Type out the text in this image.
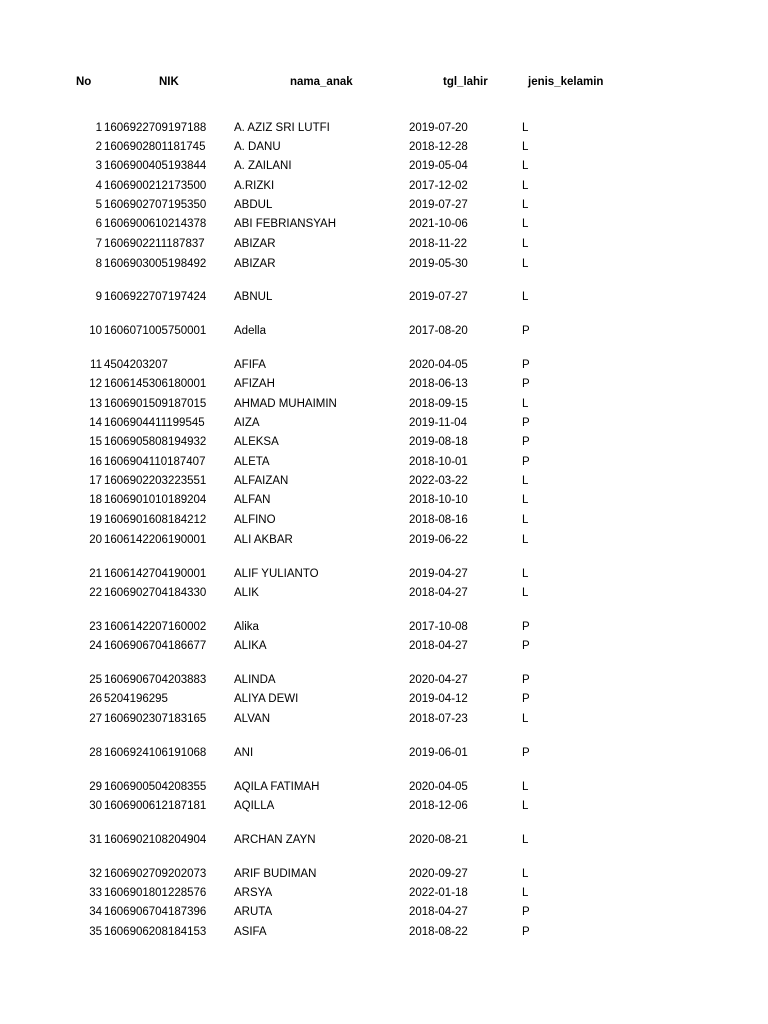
No	NIK	nama_anak	tgl_lahir	jenis_kelamin
1 1606922709197188 A. AZIZ SRI LUTFI	2019-07-20	L
2 1606902801181745 A. DANU	2018-12-28	L
3 1606900405193844 A. ZAILANI	2019-05-04	L
4 1606900212173500 A.RIZKI	2017-12-02	L
5 1606902707195350 ABDUL	2019-07-27	L
6 1606900610214378 ABI FEBRIANSYAH	2021-10-06	L
7 1606902211187837	ABIZAR	2018-11-22	L
8 1606903005198492 ABIZAR	2019-05-30	L
9 1606922707197424 ABNUL	2019-07-27	L
10 1606071005750001 Adella	2017-08-20	P
11 4504203207	AFIFA	2020-04-05	P
12 1606145306180001 AFIZAH	2018-06-13	P
13 1606901509187015 AHMAD MUHAIMIN	2018-09-15	L
14 1606904411199545	AIZA	2019-11-04	P
15 1606905808194932 ALEKSA	2019-08-18	P
16 1606904110187407 ALETA	2018-10-01	P
17 1606902203223551 ALFAIZAN	2022-03-22	L
18 1606901010189204 ALFAN	2018-10-10	L
19 1606901608184212 ALFINO	2018-08-16	L
20 1606142206190001 ALI AKBAR	2019-06-22	L
21 1606142704190001 ALIF YULIANTO	2019-04-27	L
22 1606902704184330 ALIK	2018-04-27	L
23 1606142207160002 Alika	2017-10-08	P
24 1606906704186677 ALIKA	2018-04-27	P
25 1606906704203883 ALINDA	2020-04-27	P
26 5204196295	ALIYA DEWI	2019-04-12	P
27 1606902307183165 ALVAN	2018-07-23	L
28 1606924106191068 ANI	2019-06-01	P
29 1606900504208355 AQILA FATIMAH	2020-04-05	L
30 1606900612187181 AQILLA	2018-12-06	L
31 1606902108204904 ARCHAN ZAYN	2020-08-21	L
32 1606902709202073 ARIF BUDIMAN	2020-09-27	L
33 1606901801228576 ARSYA	2022-01-18	L
34 1606906704187396 ARUTA	2018-04-27	P
35 1606906208184153 ASIFA	2018-08-22	P
